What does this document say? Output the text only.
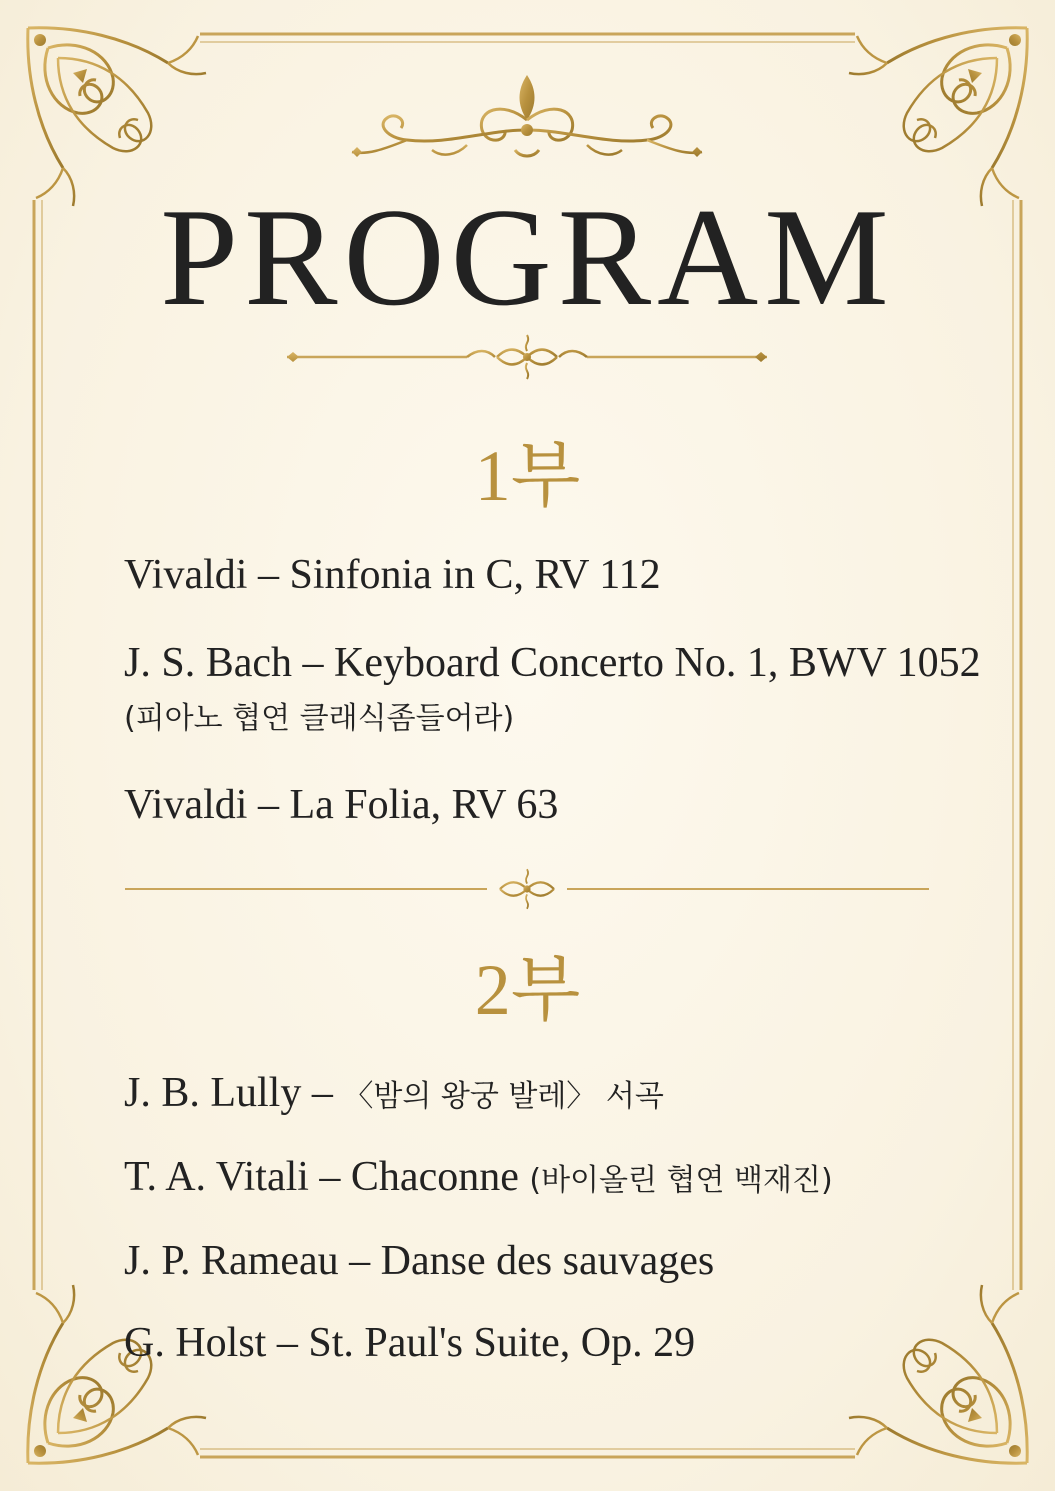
PROGRAM
1부
Vivaldi – Sinfonia in C, RV 112
J. S. Bach – Keyboard Concerto No. 1, BWV 1052
(피아노 협연 클래식좀들어라)
Vivaldi – La Folia, RV 63
2부
J. B. Lully – 〈밤의 왕궁 발레〉 서곡
T. A. Vitali – Chaconne (바이올린 협연 백재진)
J. P. Rameau – Danse des sauvages
G. Holst – St. Paul's Suite, Op. 29
